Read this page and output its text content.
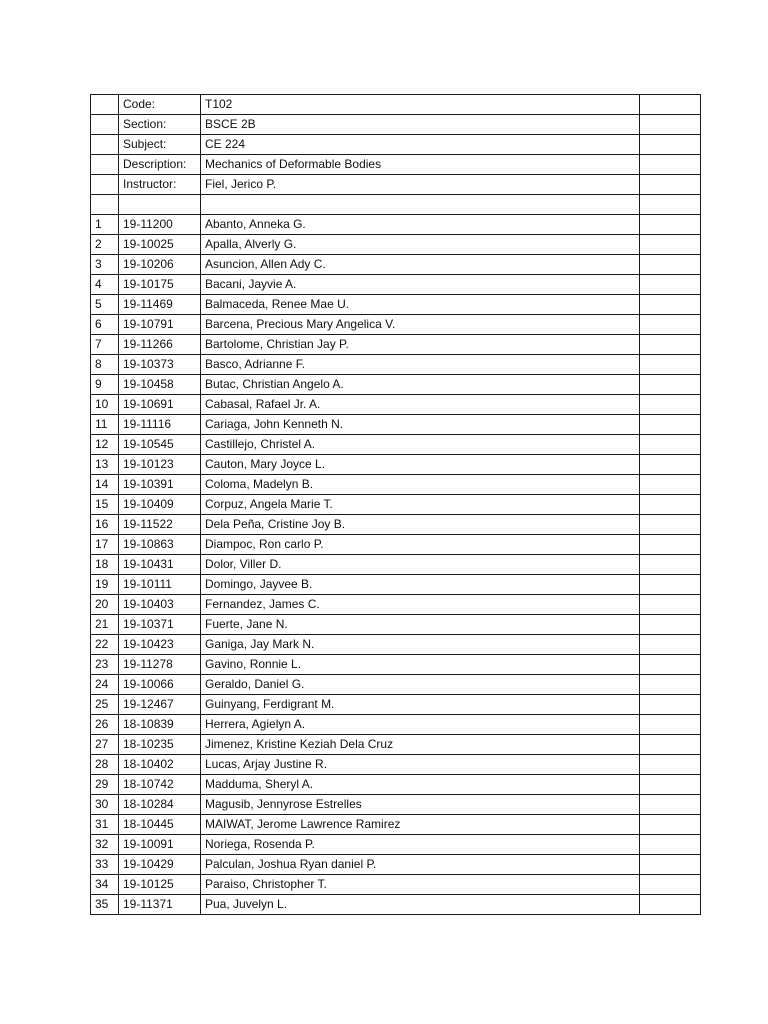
	Code:	T102	
	Section:	BSCE 2B	
	Subject:	CE 224	
	Description:	Mechanics of Deformable Bodies	
	Instructor:	Fiel, Jerico P.	

1	19-11200	Abanto, Anneka G.	
2	19-10025	Apalla, Alverly G.	
3	19-10206	Asuncion, Allen Ady C.	
4	19-10175	Bacani, Jayvie A.	
5	19-11469	Balmaceda, Renee Mae U.	
6	19-10791	Barcena, Precious Mary Angelica V.	
7	19-11266	Bartolome, Christian Jay P.	
8	19-10373	Basco, Adrianne F.	
9	19-10458	Butac, Christian Angelo A.	
10	19-10691	Cabasal, Rafael Jr. A.	
11	19-11116	Cariaga, John Kenneth N.	
12	19-10545	Castillejo, Christel A.	
13	19-10123	Cauton, Mary Joyce L.	
14	19-10391	Coloma, Madelyn B.	
15	19-10409	Corpuz, Angela Marie T.	
16	19-11522	Dela Peña, Cristine Joy B.	
17	19-10863	Diampoc, Ron carlo P.	
18	19-10431	Dolor, Viller D.	
19	19-10111	Domingo, Jayvee B.	
20	19-10403	Fernandez, James C.	
21	19-10371	Fuerte, Jane N.	
22	19-10423	Ganiga, Jay Mark N.	
23	19-11278	Gavino, Ronnie L.	
24	19-10066	Geraldo, Daniel G.	
25	19-12467	Guinyang, Ferdigrant M.	
26	18-10839	Herrera, Agielyn A.	
27	18-10235	Jimenez, Kristine Keziah Dela Cruz	
28	18-10402	Lucas, Arjay Justine R.	
29	18-10742	Madduma, Sheryl A.	
30	18-10284	Magusib, Jennyrose Estrelles	
31	18-10445	MAIWAT, Jerome Lawrence Ramirez	
32	19-10091	Noriega, Rosenda P.	
33	19-10429	Palculan, Joshua Ryan daniel P.	
34	19-10125	Paraiso, Christopher T.	
35	19-11371	Pua, Juvelyn L.	
